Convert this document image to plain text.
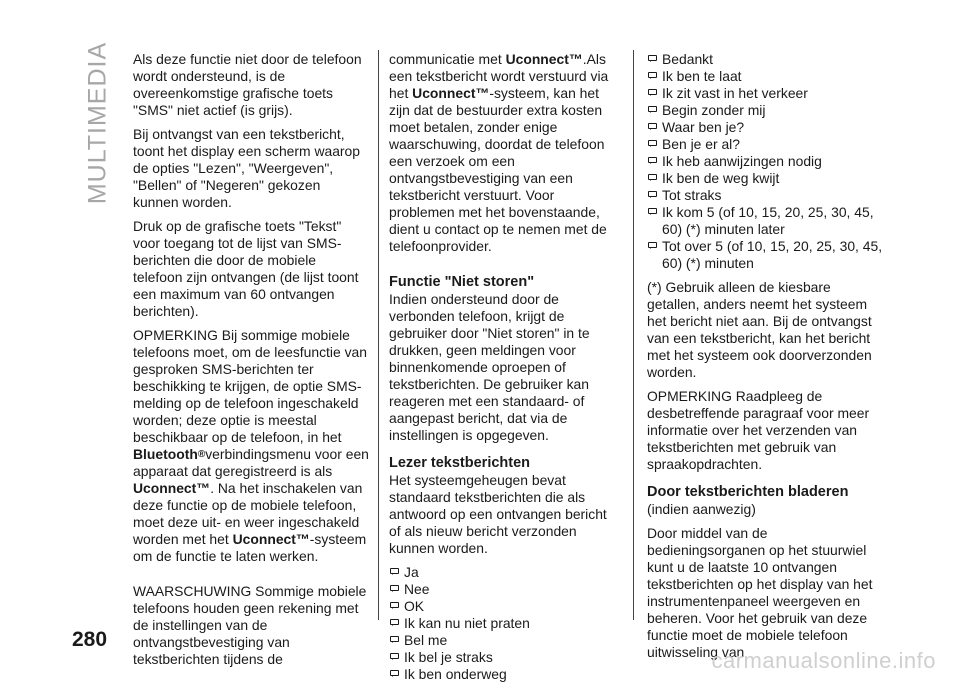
MULTIMEDIA Als deze functie niet door de telefoon wordt ondersteund, is de overeenkomstige grafische toets "SMS" niet actief (is grijs).

Bij ontvangst van een tekstbericht, toont het display een scherm waarop de opties "Lezen", "Weergeven", "Bellen" of "Negeren" gekozen kunnen worden.

Druk op de grafische toets "Tekst" voor toegang tot de lijst van SMS-berichten die door de mobiele telefoon zijn ontvangen (de lijst toont een maximum van 60 ontvangen berichten).

OPMERKING Bij sommige mobiele telefoons moet, om de leesfunctie van gesproken SMS-berichten ter beschikking te krijgen, de optie SMS-melding op de telefoon ingeschakeld worden; deze optie is meestal beschikbaar op de telefoon, in het Bluetooth®verbindingsmenu voor een apparaat dat geregistreerd is als Uconnect™. Na het inschakelen van deze functie op de mobiele telefoon, moet deze uit- en weer ingeschakeld worden met het Uconnect™-systeem om de functie te laten werken.

WAARSCHUWING Sommige mobiele telefoons houden geen rekening met de instellingen van de ontvangstbevestiging van tekstberichten tijdens de

communicatie met Uconnect™.Als een tekstbericht wordt verstuurd via het Uconnect™-systeem, kan het zijn dat de bestuurder extra kosten moet betalen, zonder enige waarschuwing, doordat de telefoon een verzoek om een ontvangstbevestiging van een tekstbericht verstuurt. Voor problemen met het bovenstaande, dient u contact op te nemen met de telefoonprovider.

Functie "Niet storen"

Indien ondersteund door de verbonden telefoon, krijgt de gebruiker door "Niet storen" in te drukken, geen meldingen voor binnenkomende oproepen of tekstberichten. De gebruiker kan reageren met een standaard- of aangepast bericht, dat via de instellingen is opgegeven.

Lezer tekstberichten

Het systeemgeheugen bevat standaard tekstberichten die als antwoord op een ontvangen bericht of als nieuw bericht verzonden kunnen worden.

Ja
Nee
OK
Ik kan nu niet praten
Bel me
Ik bel je straks
Ik ben onderweg
Bedankt
Ik ben te laat
Ik zit vast in het verkeer
Begin zonder mij
Waar ben je?
Ben je er al?
Ik heb aanwijzingen nodig
Ik ben de weg kwijt
Tot straks
Ik kom 5 (of 10, 15, 20, 25, 30, 45, 60) (*) minuten later
Tot over 5 (of 10, 15, 20, 25, 30, 45, 60) (*) minuten

(*) Gebruik alleen de kiesbare getallen, anders neemt het systeem het bericht niet aan. Bij de ontvangst van een tekstbericht, kan het bericht met het systeem ook doorverzonden worden.

OPMERKING Raadpleeg de desbetreffende paragraaf voor meer informatie over het verzenden van tekstberichten met gebruik van spraakopdrachten.

Door tekstberichten bladeren

(indien aanwezig)

Door middel van de bedieningsorganen op het stuurwiel kunt u de laatste 10 ontvangen tekstberichten op het display van het instrumentenpaneel weergeven en beheren. Voor het gebruik van deze functie moet de mobiele telefoon uitwisseling van

280
carmanualsonline.info
